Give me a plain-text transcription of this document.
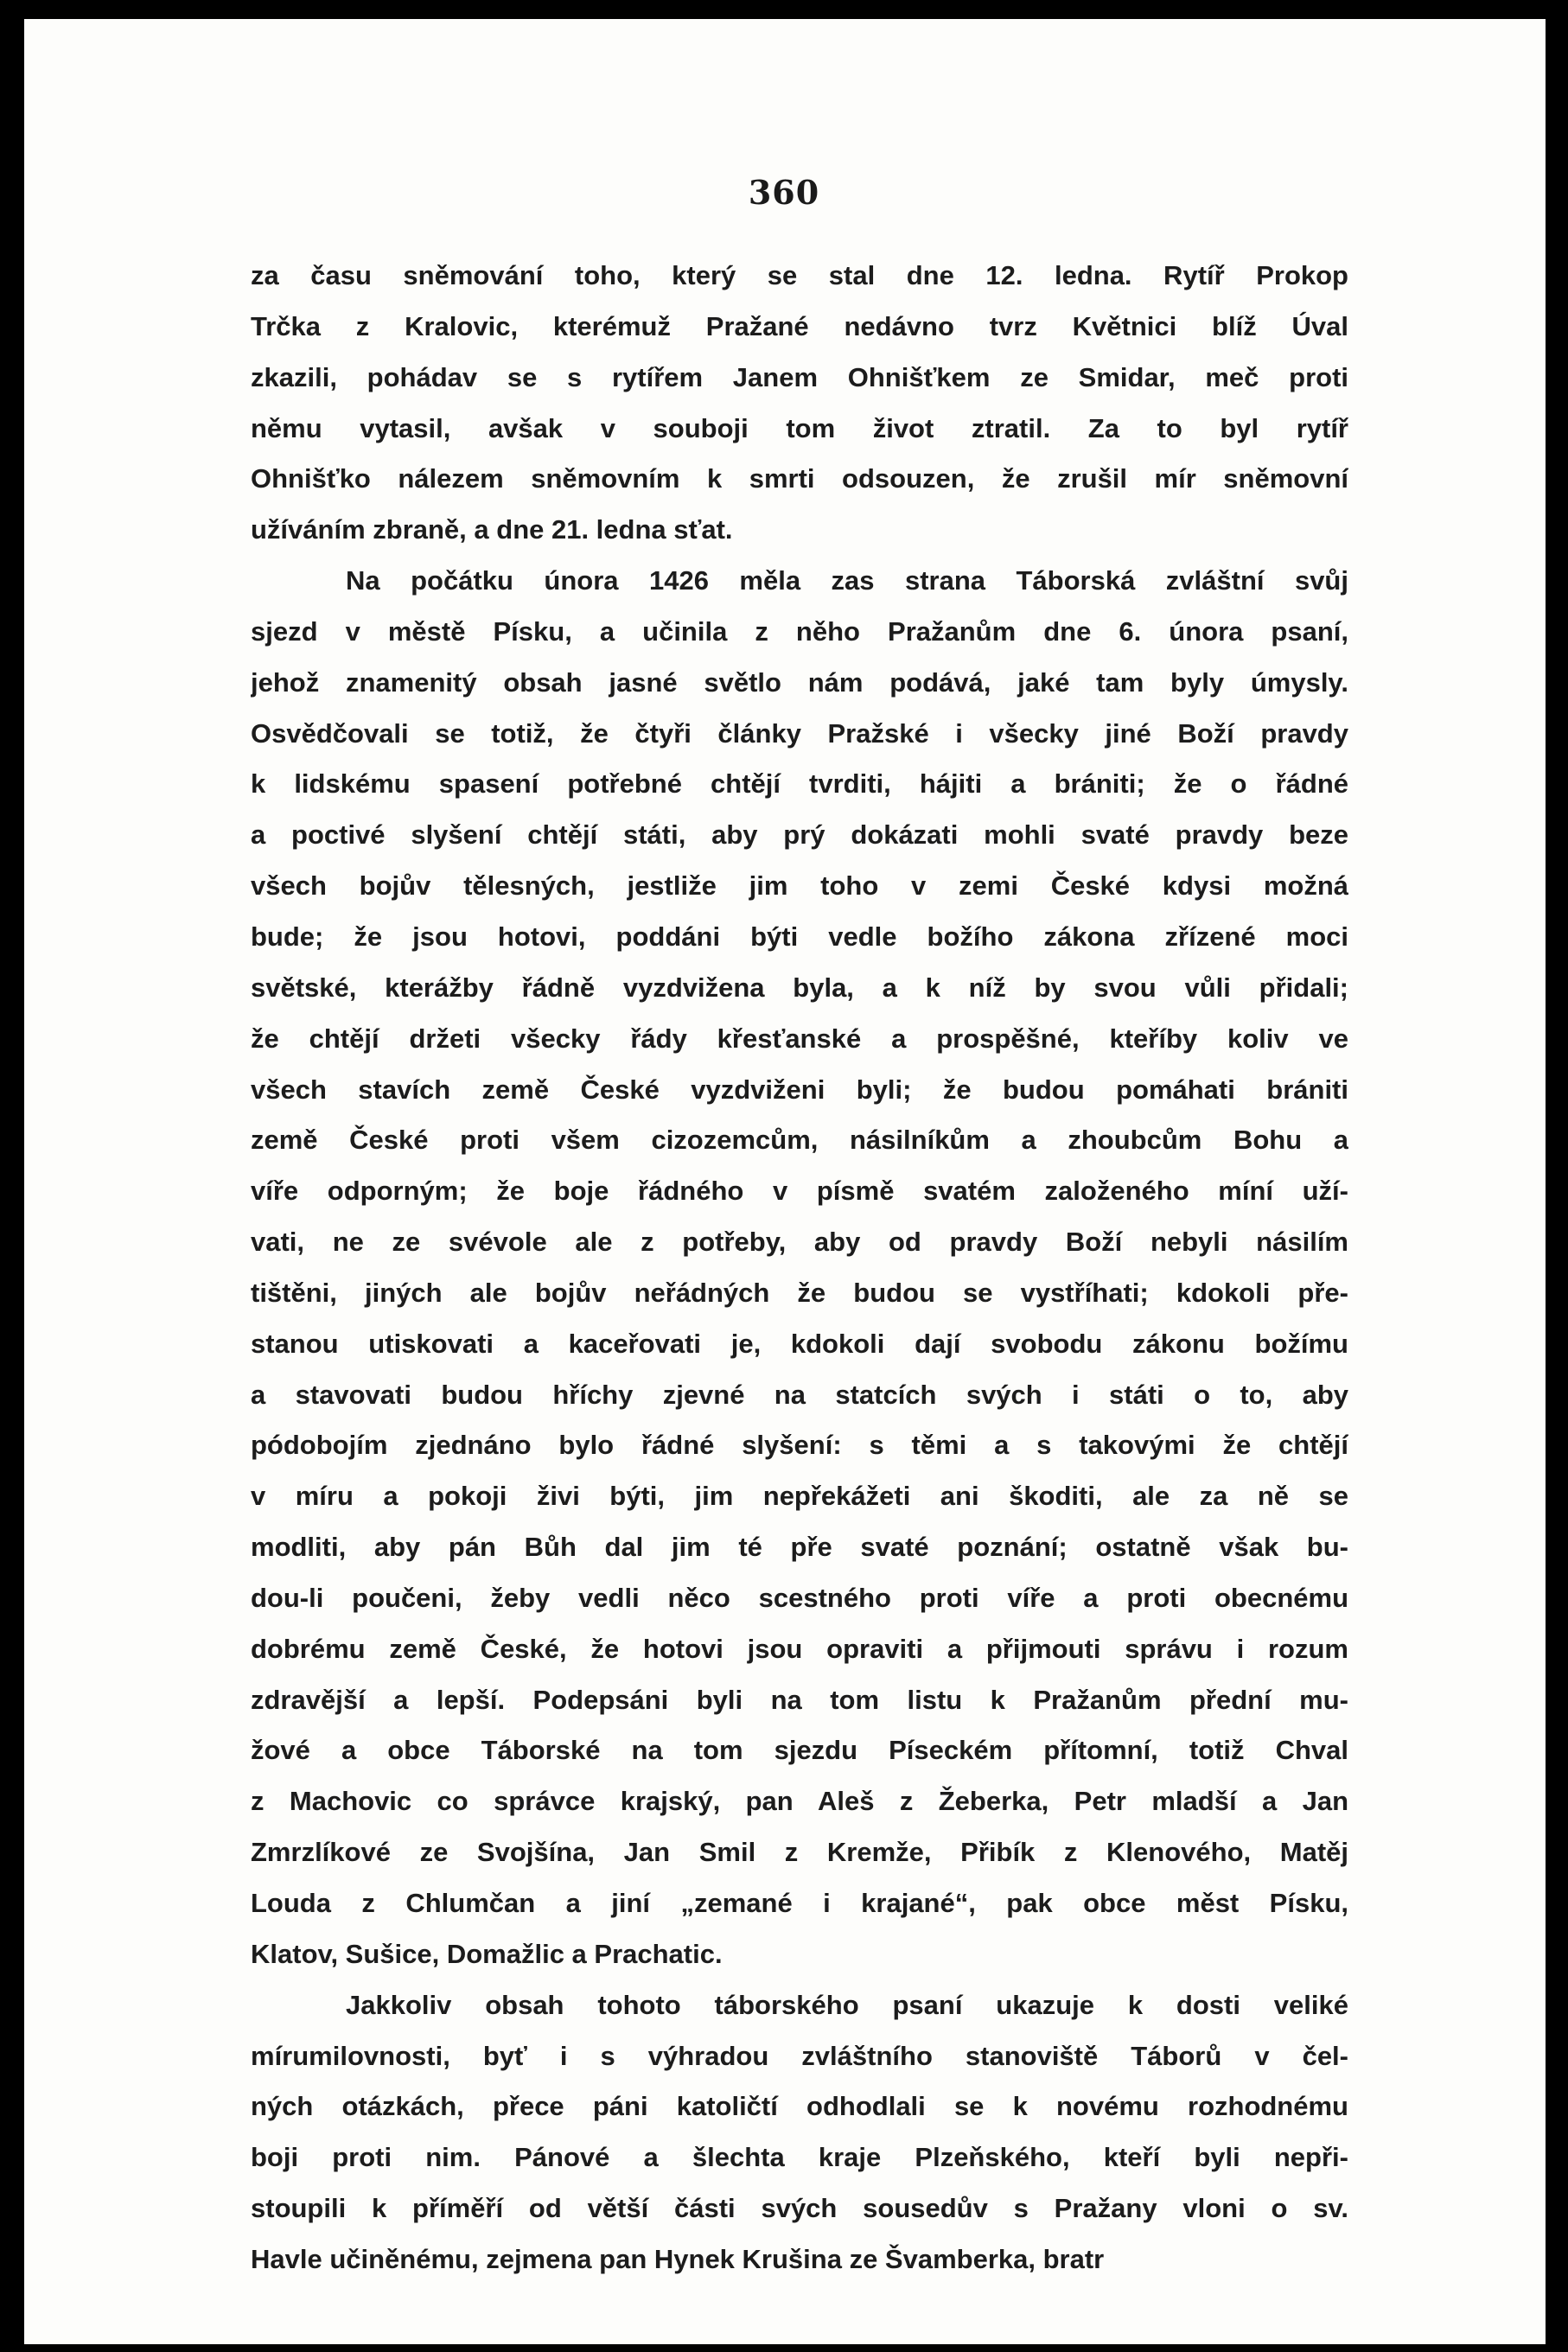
360
za času sněmování toho, který se stal dne 12. ledna. Rytíř Prokop
Trčka z Kralovic, kterémuž Pražané nedávno tvrz Květnici blíž Úval
zkazili, pohádav se s rytířem Janem Ohnišťkem ze Smidar, meč proti
němu vytasil, avšak v souboji tom život ztratil. Za to byl rytíř
Ohnišťko nálezem sněmovním k smrti odsouzen, že zrušil mír sněmovní
užíváním zbraně, a dne 21. ledna sťat.
Na počátku února 1426 měla zas strana Táborská zvláštní svůj
sjezd v městě Písku, a učinila z něho Pražanům dne 6. února psaní,
jehož znamenitý obsah jasné světlo nám podává, jaké tam byly úmysly.
Osvědčovali se totiž, že čtyři články Pražské i všecky jiné Boží pravdy
k lidskému spasení potřebné chtějí tvrditi, hájiti a brániti; že o řádné
a poctivé slyšení chtějí státi, aby prý dokázati mohli svaté pravdy beze
všech bojův tělesných, jestliže jim toho v zemi České kdysi možná
bude; že jsou hotovi, poddáni býti vedle božího zákona zřízené moci
světské, kterážby řádně vyzdvižena byla, a k níž by svou vůli přidali;
že chtějí držeti všecky řády křesťanské a prospěšné, kteříby koliv ve
všech stavích země České vyzdviženi byli; že budou pomáhati brániti
země České proti všem cizozemcům, násilníkům a zhoubcům Bohu a
víře odporným; že boje řádného v písmě svatém založeného míní uží-
vati, ne ze svévole ale z potřeby, aby od pravdy Boží nebyli násilím
tištěni, jiných ale bojův neřádných že budou se vystříhati; kdokoli pře-
stanou utiskovati a kaceřovati je, kdokoli dají svobodu zákonu božímu
a stavovati budou hříchy zjevné na statcích svých i státi o to, aby
pódobojím zjednáno bylo řádné slyšení: s těmi a s takovými že chtějí
v míru a pokoji živi býti, jim nepřekážeti ani škoditi, ale za ně se
modliti, aby pán Bůh dal jim té pře svaté poznání; ostatně však bu-
dou-li poučeni, žeby vedli něco scestného proti víře a proti obecnému
dobrému země České, že hotovi jsou opraviti a přijmouti správu i rozum
zdravější a lepší. Podepsáni byli na tom listu k Pražanům přední mu-
žové a obce Táborské na tom sjezdu Píseckém přítomní, totiž Chval
z Machovic co správce krajský, pan Aleš z Žeberka, Petr mladší a Jan
Zmrzlíkové ze Svojšína, Jan Smil z Kremže, Přibík z Klenového, Matěj
Louda z Chlumčan a jiní „zemané i krajané“, pak obce měst Písku,
Klatov, Sušice, Domažlic a Prachatic.
Jakkoliv obsah tohoto táborského psaní ukazuje k dosti veliké
mírumilovnosti, byť i s výhradou zvláštního stanoviště Táborů v čel-
ných otázkách, přece páni katoličtí odhodlali se k novému rozhodnému
boji proti nim. Pánové a šlechta kraje Plzeňského, kteří byli nepři-
stoupili k příměří od větší části svých sousedův s Pražany vloni o sv.
Havle učiněnému, zejmena pan Hynek Krušina ze Švamberka, bratr
